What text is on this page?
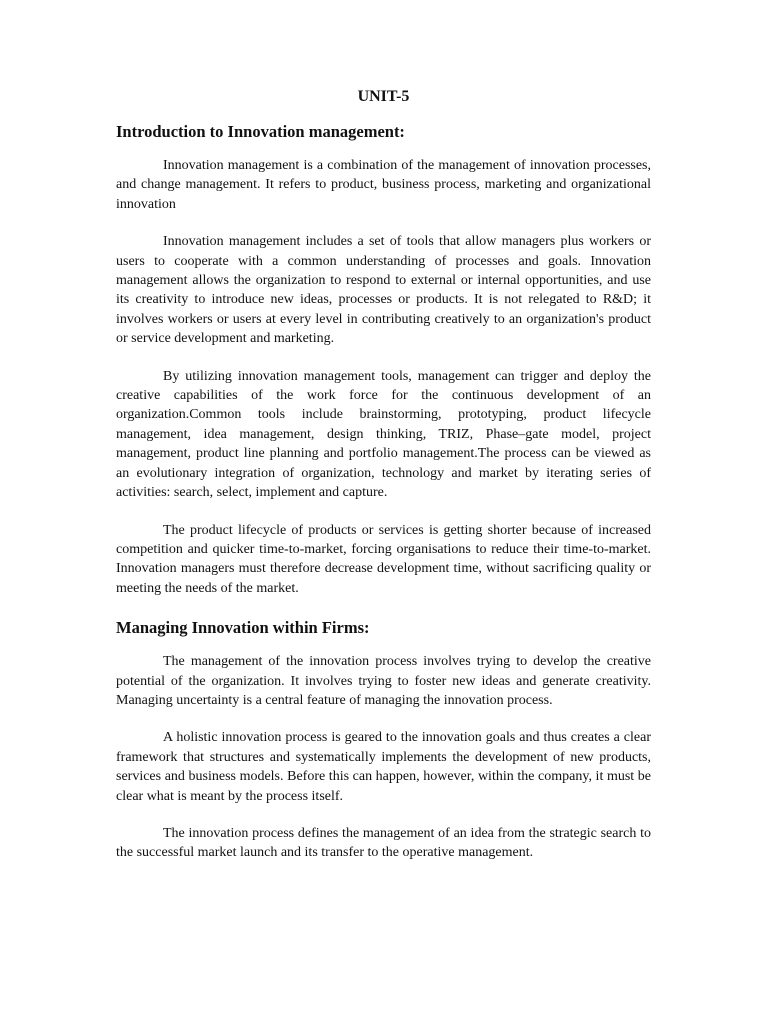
UNIT-5
Introduction to Innovation management:

Innovation management is a combination of the management of innovation processes, and change management. It refers to product, business process, marketing and organizational innovation

Innovation management includes a set of tools that allow managers plus workers or users to cooperate with a common understanding of processes and goals. Innovation management allows the organization to respond to external or internal opportunities, and use its creativity to introduce new ideas, processes or products. It is not relegated to R&D; it involves workers or users at every level in contributing creatively to an organization's product or service development and marketing.

By utilizing innovation management tools, management can trigger and deploy the creative capabilities of the work force for the continuous development of an organization.Common tools include brainstorming, prototyping, product lifecycle management, idea management, design thinking, TRIZ, Phase–gate model, project management, product line planning and portfolio management.The process can be viewed as an evolutionary integration of organization, technology and market by iterating series of activities: search, select, implement and capture.

The product lifecycle of products or services is getting shorter because of increased competition and quicker time-to-market, forcing organisations to reduce their time-to-market. Innovation managers must therefore decrease development time, without sacrificing quality or meeting the needs of the market.

Managing Innovation within Firms:

The management of the innovation process involves trying to develop the creative potential of the organization. It involves trying to foster new ideas and generate creativity. Managing uncertainty is a central feature of managing the innovation process.

A holistic innovation process is geared to the innovation goals and thus creates a clear framework that structures and systematically implements the development of new products, services and business models. Before this can happen, however, within the company, it must be clear what is meant by the process itself.

The innovation process defines the management of an idea from the strategic search to the successful market launch and its transfer to the operative management.
